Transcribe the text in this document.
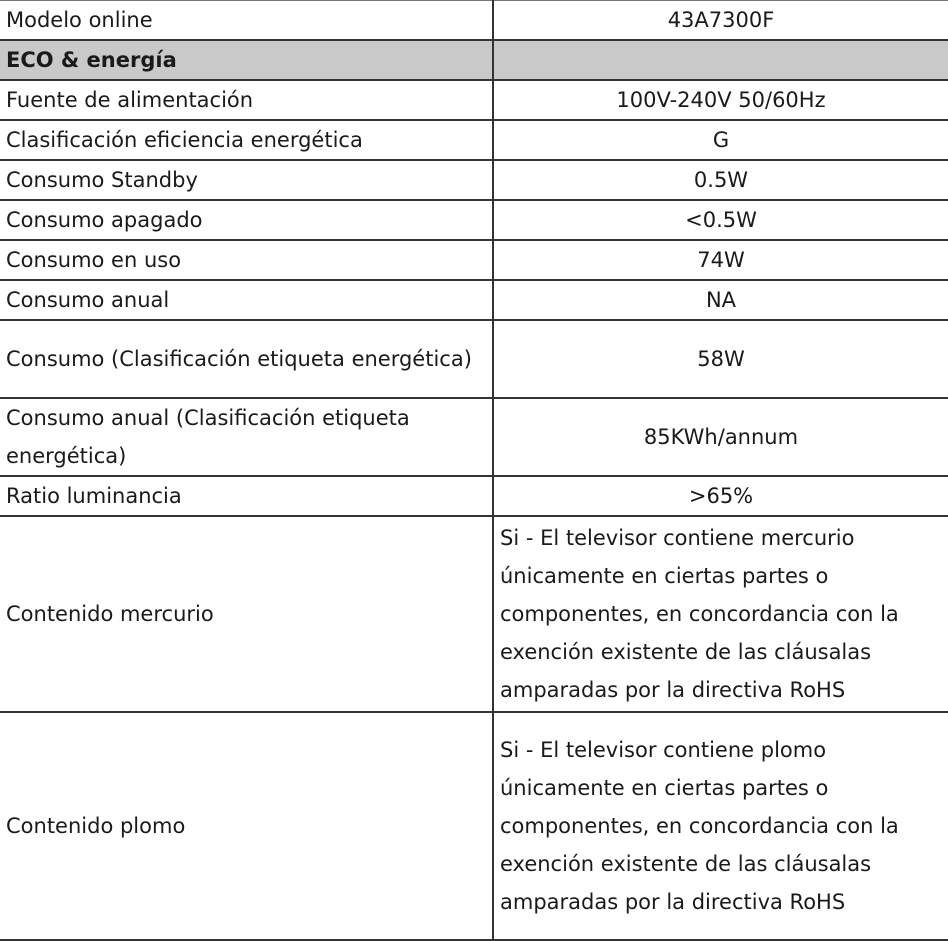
Modelo online	43A7300F
ECO & energía	
Fuente de alimentación	100V-240V 50/60Hz
Clasificación eficiencia energética	G
Consumo Standby	0.5W
Consumo apagado	<0.5W
Consumo en uso	74W
Consumo anual	NA
Consumo (Clasificación etiqueta energética)	58W
Consumo anual (Clasificación etiqueta energética)	85KWh/annum
Ratio luminancia	>65%
Contenido mercurio	Si - El televisor contiene mercurio únicamente en ciertas partes o componentes, en concordancia con la exención existente de las cláusalas amparadas por la directiva RoHS
Contenido plomo	Si - El televisor contiene plomo únicamente en ciertas partes o componentes, en concordancia con la exención existente de las cláusalas amparadas por la directiva RoHS
